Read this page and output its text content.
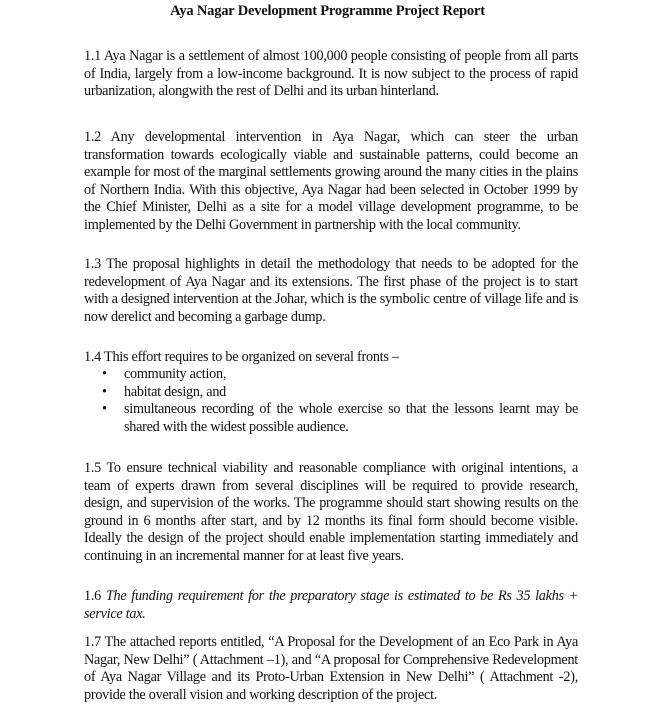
Aya Nagar Development Programme Project Report
1.1 Aya Nagar is a settlement of almost 100,000 people consisting of people from all parts of India, largely from a low-income background. It is now subject to the process of rapid urbanization, alongwith the rest of Delhi and its urban hinterland.
1.2 Any developmental intervention in Aya Nagar, which can steer the urban transformation towards ecologically viable and sustainable patterns, could become an example for most of the marginal settlements growing around the many cities in the plains of Northern India. With this objective, Aya Nagar had been selected in October 1999 by the Chief Minister, Delhi as a site for a model village development programme, to be implemented by the Delhi Government in partnership with the local community.
1.3 The proposal highlights in detail the methodology that needs to be adopted for the redevelopment of Aya Nagar and its extensions. The first phase of the project is to start with a designed intervention at the Johar, which is the symbolic centre of village life and is now derelict and becoming a garbage dump.
1.4 This effort requires to be organized on several fronts –
• community action,
• habitat design, and
• simultaneous recording of the whole exercise so that the lessons learnt may be shared with the widest possible audience.
1.5 To ensure technical viability and reasonable compliance with original intentions, a team of experts drawn from several disciplines will be required to provide research, design, and supervision of the works. The programme should start showing results on the ground in 6 months after start, and by 12 months its final form should become visible. Ideally the design of the project should enable implementation starting immediately and continuing in an incremental manner for at least five years.
1.6 The funding requirement for the preparatory stage is estimated to be Rs 35 lakhs + service tax.
1.7 The attached reports entitled, “A Proposal for the Development of an Eco Park in Aya Nagar, New Delhi” ( Attachment –1), and “A proposal for Comprehensive Redevelopment of Aya Nagar Village and its Proto-Urban Extension in New Delhi” ( Attachment -2), provide the overall vision and working description of the project.
